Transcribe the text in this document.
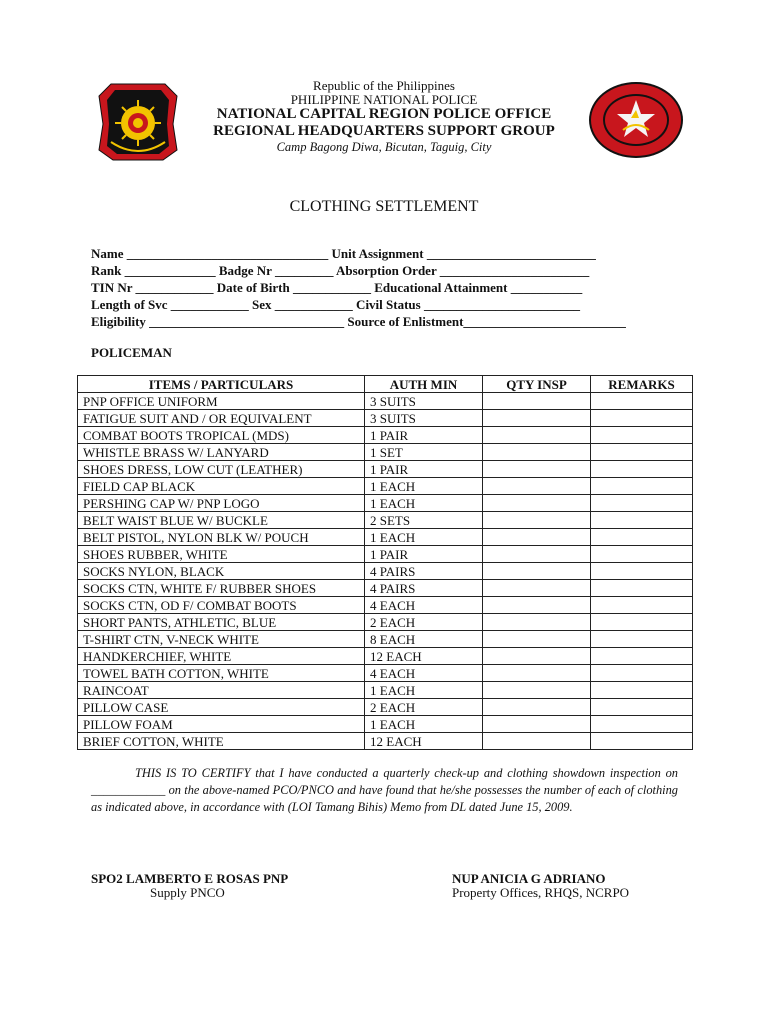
Republic of the Philippines
PHILIPPINE NATIONAL POLICE
NATIONAL CAPITAL REGION POLICE OFFICE
REGIONAL HEADQUARTERS SUPPORT GROUP
Camp Bagong Diwa, Bicutan, Taguig, City
CLOTHING SETTLEMENT
Name _______________________________ Unit Assignment __________________________
Rank ______________ Badge Nr _________ Absorption Order _______________________
TIN Nr ____________ Date of Birth ____________ Educational Attainment ___________
Length of Svc ____________ Sex ____________ Civil Status ________________________
Eligibility ______________________________ Source of Enlistment_________________________
POLICEMAN
ITEMS / PARTICULARS	AUTH MIN	QTY INSP	REMARKS
PNP OFFICE UNIFORM	3 SUITS		
FATIGUE SUIT AND / OR EQUIVALENT	3 SUITS		
COMBAT BOOTS TROPICAL (MDS)	1 PAIR		
WHISTLE BRASS W/ LANYARD	1 SET		
SHOES DRESS, LOW CUT (LEATHER)	1 PAIR		
FIELD CAP BLACK	1 EACH		
PERSHING CAP W/ PNP LOGO	1 EACH		
BELT WAIST BLUE W/ BUCKLE	2 SETS		
BELT PISTOL, NYLON BLK W/ POUCH	1 EACH		
SHOES RUBBER, WHITE	1 PAIR		
SOCKS NYLON, BLACK	4 PAIRS		
SOCKS CTN, WHITE F/ RUBBER SHOES	4 PAIRS		
SOCKS CTN, OD F/ COMBAT BOOTS	4 EACH		
SHORT PANTS, ATHLETIC, BLUE	2 EACH		
T-SHIRT CTN, V-NECK WHITE	8 EACH		
HANDKERCHIEF, WHITE	12 EACH		
TOWEL BATH COTTON, WHITE	4 EACH		
RAINCOAT	1 EACH		
PILLOW CASE	2 EACH		
PILLOW FOAM	1 EACH		
BRIEF COTTON, WHITE	12 EACH		
THIS IS TO CERTIFY that I have conducted a quarterly check-up and clothing showdown inspection on ____________ on the above-named PCO/PNCO and have found that he/she possesses the number of each of clothing as indicated above, in accordance with (LOI Tamang Bihis) Memo from DL dated June 15, 2009.
SPO2 LAMBERTO E ROSAS PNP
Supply PNCO
NUP ANICIA G ADRIANO
Property Offices, RHQS, NCRPO
